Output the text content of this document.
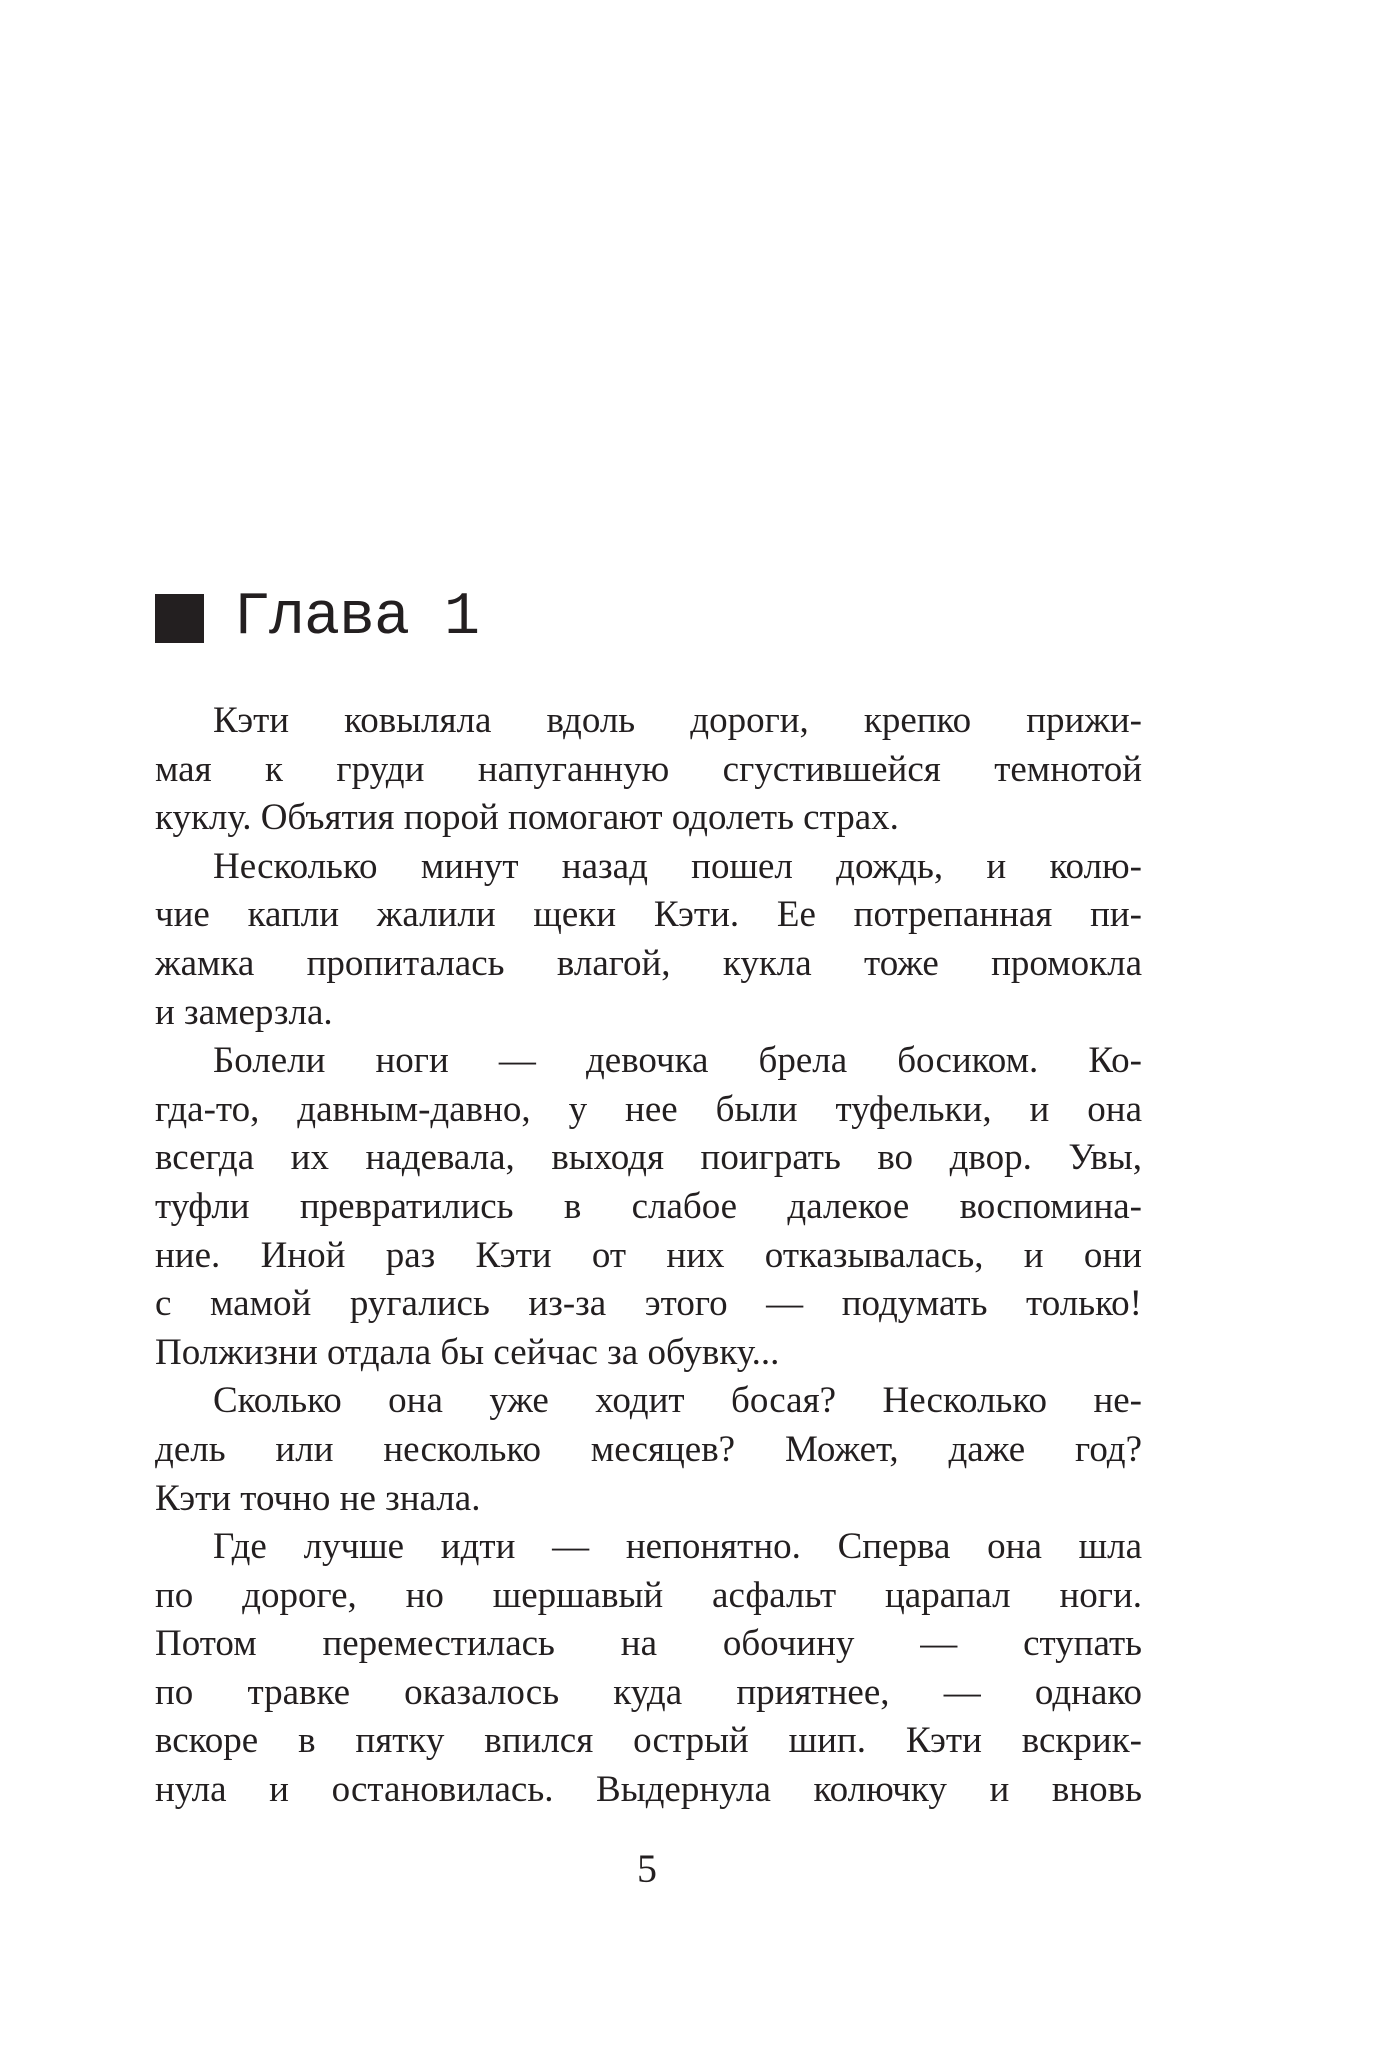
Глава 1
Кэти ковыляла вдоль дороги, крепко прижи-
мая к груди напуганную сгустившейся темнотой
куклу. Объятия порой помогают одолеть страх.
Несколько минут назад пошел дождь, и колю-
чие капли жалили щеки Кэти. Ее потрепанная пи-
жамка пропиталась влагой, кукла тоже промокла
и замерзла.
Болели ноги — девочка брела босиком. Ко-
гда-то, давным-давно, у нее были туфельки, и она
всегда их надевала, выходя поиграть во двор. Увы,
туфли превратились в слабое далекое воспомина-
ние. Иной раз Кэти от них отказывалась, и они
с мамой ругались из-за этого — подумать только!
Полжизни отдала бы сейчас за обувку...
Сколько она уже ходит босая? Несколько не-
дель или несколько месяцев? Может, даже год?
Кэти точно не знала.
Где лучше идти — непонятно. Сперва она шла
по дороге, но шершавый асфальт царапал ноги.
Потом переместилась на обочину — ступать
по травке оказалось куда приятнее, — однако
вскоре в пятку впился острый шип. Кэти вскрик-
нула и остановилась. Выдернула колючку и вновь
5
